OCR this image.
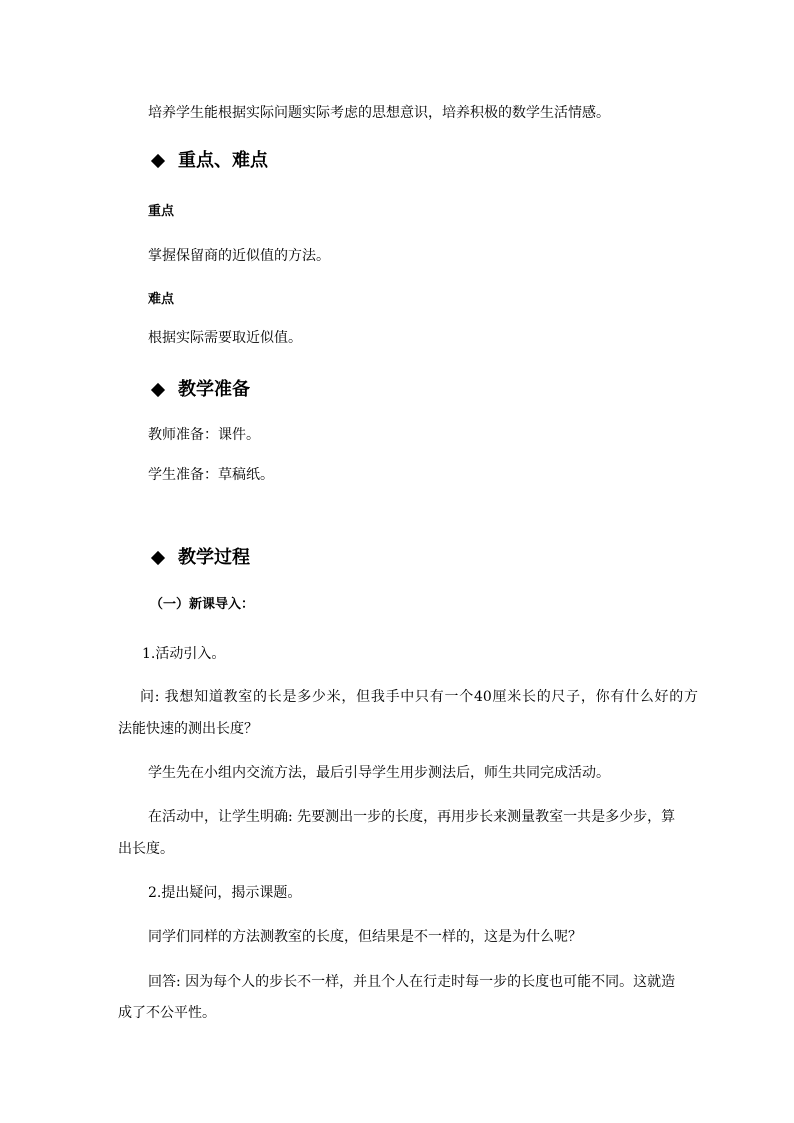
培养学生能根据实际问题实际考虑的思想意识，培养积极的数学生活情感。
重点、难点
重点
掌握保留商的近似值的方法。
难点
根据实际需要取近似值。
教学准备
教师准备：课件。
学生准备：草稿纸。
教学过程
（一）新课导入：
1.活动引入。
问: 我想知道教室的长是多少米，但我手中只有一个40厘米长的尺子，你有什么好的方
法能快速的测出长度？
学生先在小组内交流方法，最后引导学生用步测法后，师生共同完成活动。
在活动中，让学生明确: 先要测出一步的长度，再用步长来测量教室一共是多少步，算
出长度。
2.提出疑问，揭示课题。
同学们同样的方法测教室的长度，但结果是不一样的，这是为什么呢？
回答: 因为每个人的步长不一样，并且个人在行走时每一步的长度也可能不同。这就造
成了不公平性。
